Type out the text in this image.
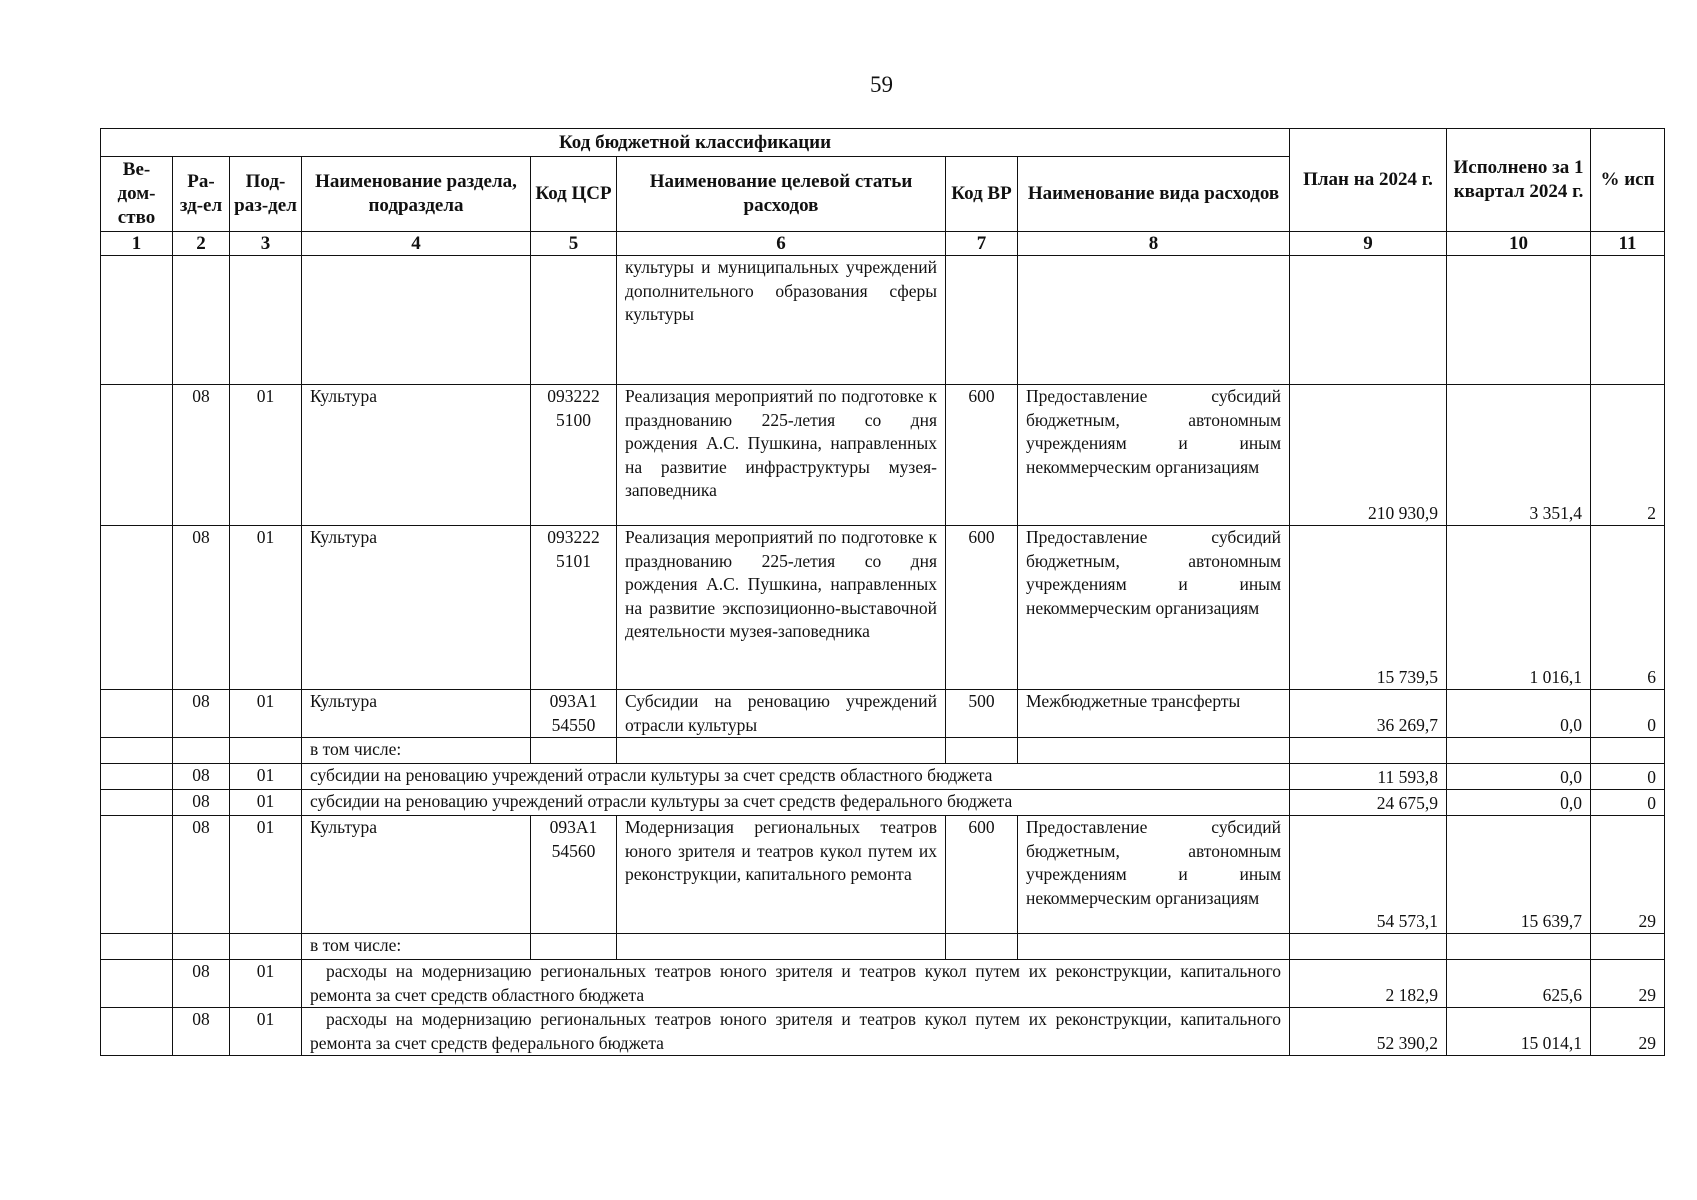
59
Код бюджетной классификации								План на 2024 г.	Исполнено за 1 квартал 2024 г.	% исп
Ве-дом-ство	Ра-зд-ел	Под-раз-дел	Наименование раздела, подраздела	Код ЦСР	Наименование целевой статьи расходов	Код ВР	Наименование вида расходов			
1	2	3	4	5	6	7	8	9	10	11
					культуры и муниципальных учреждений дополнительного образования сферы культуры					
	08	01	Культура	093222 5100	Реализация мероприятий по подготовке к празднованию 225-летия со дня рождения А.С. Пушкина, направленных на развитие инфраструктуры музея-заповедника	600	Предоставление субсидий бюджетным, автономным учреждениям и иным некоммерческим организациям	210 930,9	3 351,4	2
	08	01	Культура	093222 5101	Реализация мероприятий по подготовке к празднованию 225-летия со дня рождения А.С. Пушкина, направленных на развитие экспозиционно-выставочной деятельности музея-заповедника	600	Предоставление субсидий бюджетным, автономным учреждениям и иным некоммерческим организациям	15 739,5	1 016,1	6
	08	01	Культура	093А1 54550	Субсидии на реновацию учреждений отрасли культуры	500	Межбюджетные трансферты	36 269,7	0,0	0
			в том числе:							
	08	01	субсидии на реновацию учреждений отрасли культуры за счет средств областного бюджета					11 593,8	0,0	0
	08	01	субсидии на реновацию учреждений отрасли культуры за счет средств федерального бюджета					24 675,9	0,0	0
	08	01	Культура	093А1 54560	Модернизация региональных театров юного зрителя и театров кукол путем их реконструкции, капитального ремонта	600	Предоставление субсидий бюджетным, автономным учреждениям и иным некоммерческим организациям	54 573,1	15 639,7	29
			в том числе:							
	08	01	расходы на модернизацию региональных театров юного зрителя и театров кукол путем их реконструкции, капитального ремонта за счет средств областного бюджета					2 182,9	625,6	29
	08	01	расходы на модернизацию региональных театров юного зрителя и театров кукол путем их реконструкции, капитального ремонта за счет средств федерального бюджета					52 390,2	15 014,1	29
